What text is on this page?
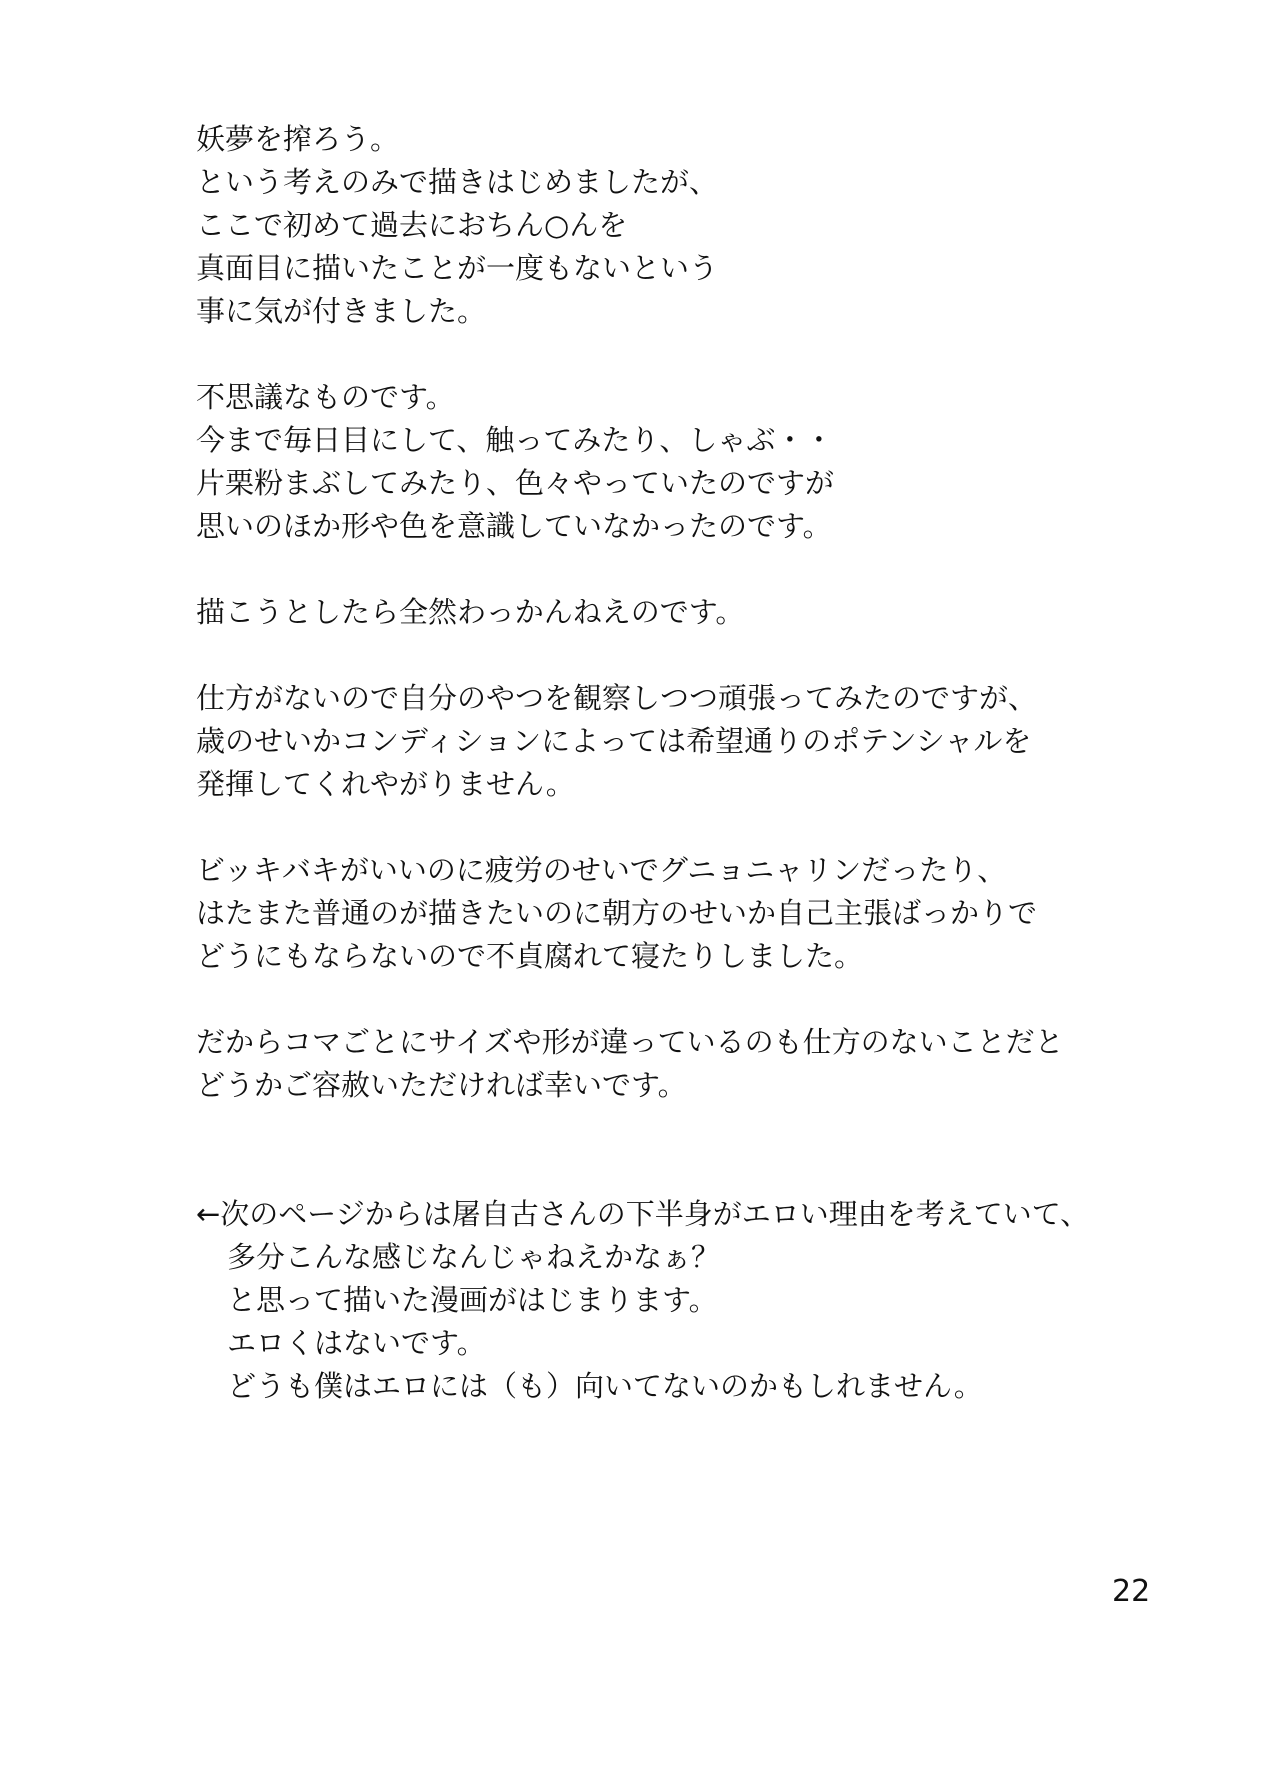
妖夢を搾ろう。
という考えのみで描きはじめましたが、
ここで初めて過去におちん○んを
真面目に描いたことが一度もないという
事に気が付きました。
不思議なものです。
今まで毎日目にして、触ってみたり、しゃぶ・・
片栗粉まぶしてみたり、色々やっていたのですが
思いのほか形や色を意識していなかったのです。
描こうとしたら全然わっかんねえのです。
仕方がないので自分のやつを観察しつつ頑張ってみたのですが、
歳のせいかコンディションによっては希望通りのポテンシャルを
発揮してくれやがりません。
ビッキバキがいいのに疲労のせいでグニョニャリンだったり、
はたまた普通のが描きたいのに朝方のせいか自己主張ばっかりで
どうにもならないので不貞腐れて寝たりしました。
だからコマごとにサイズや形が違っているのも仕方のないことだと
どうかご容赦いただければ幸いです。
←次のページからは屠自古さんの下半身がエロい理由を考えていて、
多分こんな感じなんじゃねえかなぁ？
と思って描いた漫画がはじまります。
エロくはないです。
どうも僕はエロには（も）向いてないのかもしれません。
22
